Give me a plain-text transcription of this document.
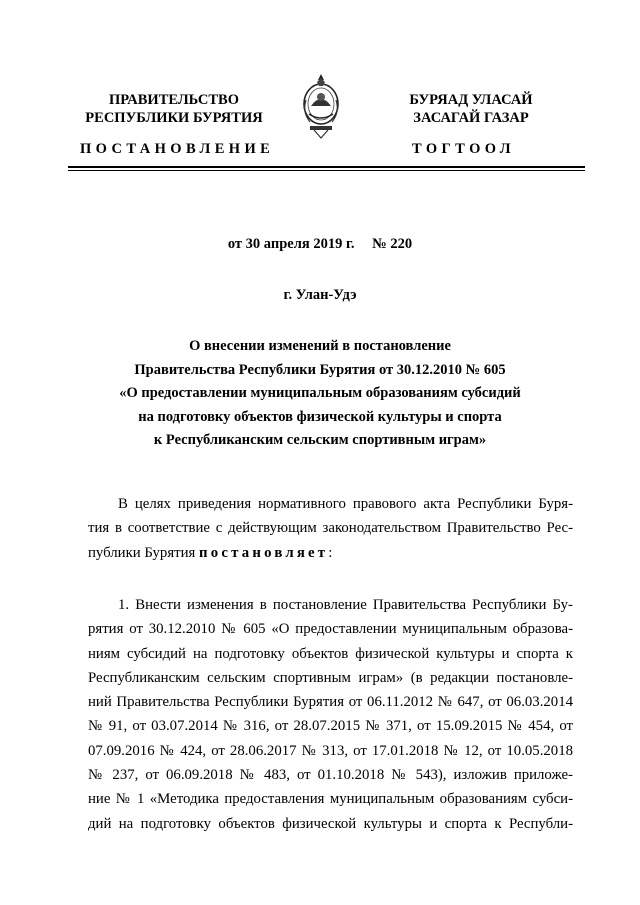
ПРАВИТЕЛЬСТВО
РЕСПУБЛИКИ БУРЯТИЯ
БУРЯАД УЛАСАЙ
ЗАСАГАЙ ГАЗАР
ПОСТАНОВЛЕНИЕ	ТОГТООЛ
от 30 апреля 2019 г. № 220
г. Улан-Удэ
О внесении изменений в постановление
Правительства Республики Бурятия от 30.12.2010 № 605
«О предоставлении муниципальным образованиям субсидий
на подготовку объектов физической культуры и спорта
к Республиканским сельским спортивным играм»
В целях приведения нормативного правового акта Республики Буря-
тия в соответствие с действующим законодательством Правительство Рес-
публики Бурятия постановляет:
1. Внести изменения в постановление Правительства Республики Бу-
рятия от 30.12.2010 № 605 «О предоставлении муниципальным образова-
ниям субсидий на подготовку объектов физической культуры и спорта к
Республиканским сельским спортивным играм» (в редакции постановле-
ний Правительства Республики Бурятия от 06.11.2012 № 647, от 06.03.2014
№ 91, от 03.07.2014 № 316, от 28.07.2015 № 371, от 15.09.2015 № 454, от
07.09.2016 № 424, от 28.06.2017 № 313, от 17.01.2018 № 12, от 10.05.2018
№ 237, от 06.09.2018 № 483, от 01.10.2018 № 543), изложив приложе-
ние № 1 «Методика предоставления муниципальным образованиям субси-
дий на подготовку объектов физической культуры и спорта к Республи-
